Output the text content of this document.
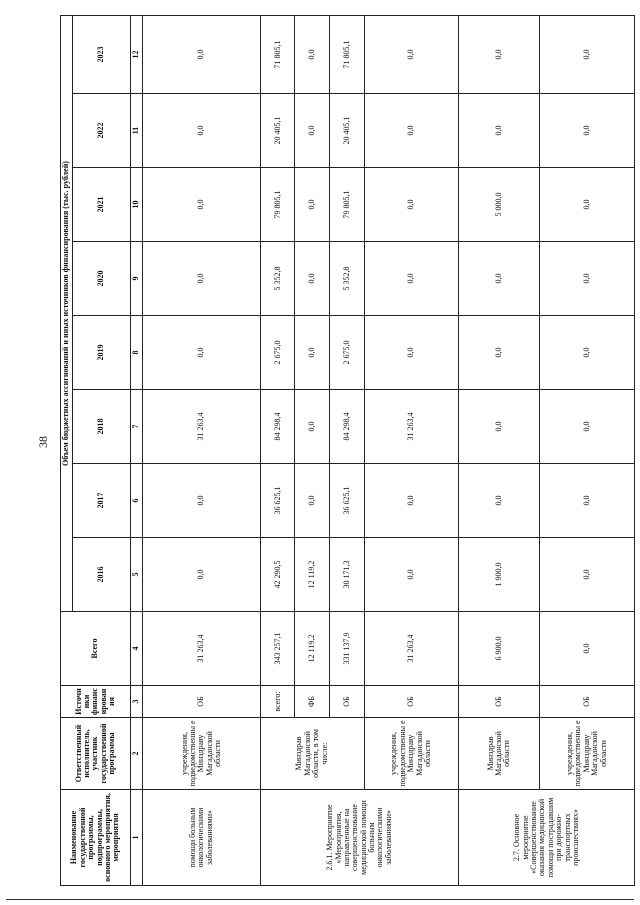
38
Наименование государственной программы, подпрограммы, основного мероприятия, мероприятия	Ответственный исполнитель, участник государственной программы	Источники финансирования	Всего	Объем бюджетных ассигнований и иных источников финансирования (тыс. рублей)							
				2016	2017	2018	2019	2020	2021	2022	2023
1	2	3	4	5	6	7	8	9	10	11	12
помощи больным онкологическими заболеваниями»	учреждения, подведомственны е Минздраву Магаданской области	ОБ	31 263,4	0,0	0,0	31 263,4	0,0	0,0	0,0	0,0	0,0
2.6.1. Мероприятие «Мероприятия, направленные на совершенствование медицинской помощи больным онкологическими заболеваниями»	Минздрав Магаданской области, в том числе:	всего:	343 257,1	42 290,5	36 625,1	84 298,4	2 675,0	5 352,8	79 805,1	20 405,1	71 805,1
		ФБ	12 119,2	12 119,2	0,0	0,0	0,0	0,0	0,0	0,0	0,0
		ОБ	331 137,9	30 171,3	36 625,1	84 298,4	2 675,0	5 352,8	79 805,1	20 405,1	71 805,1
	учреждения, подведомственны е Минздраву Магаданской области	ОБ	31 263,4	0,0	0,0	31 263,4	0,0	0,0	0,0	0,0	0,0
2.7. Основное мероприятие «Совершенствование оказания медицинской помощи пострадавшим при дорожно-транспортных происшествиях»	Минздрав Магаданской области	ОБ	6 900,0	1 900,0	0,0	0,0	0,0	0,0	5 000,0	0,0	0,0
	учреждения, подведомственны е Минздраву Магаданской области	ОБ	0,0	0,0	0,0	0,0	0,0	0,0	0,0	0,0	0,0
